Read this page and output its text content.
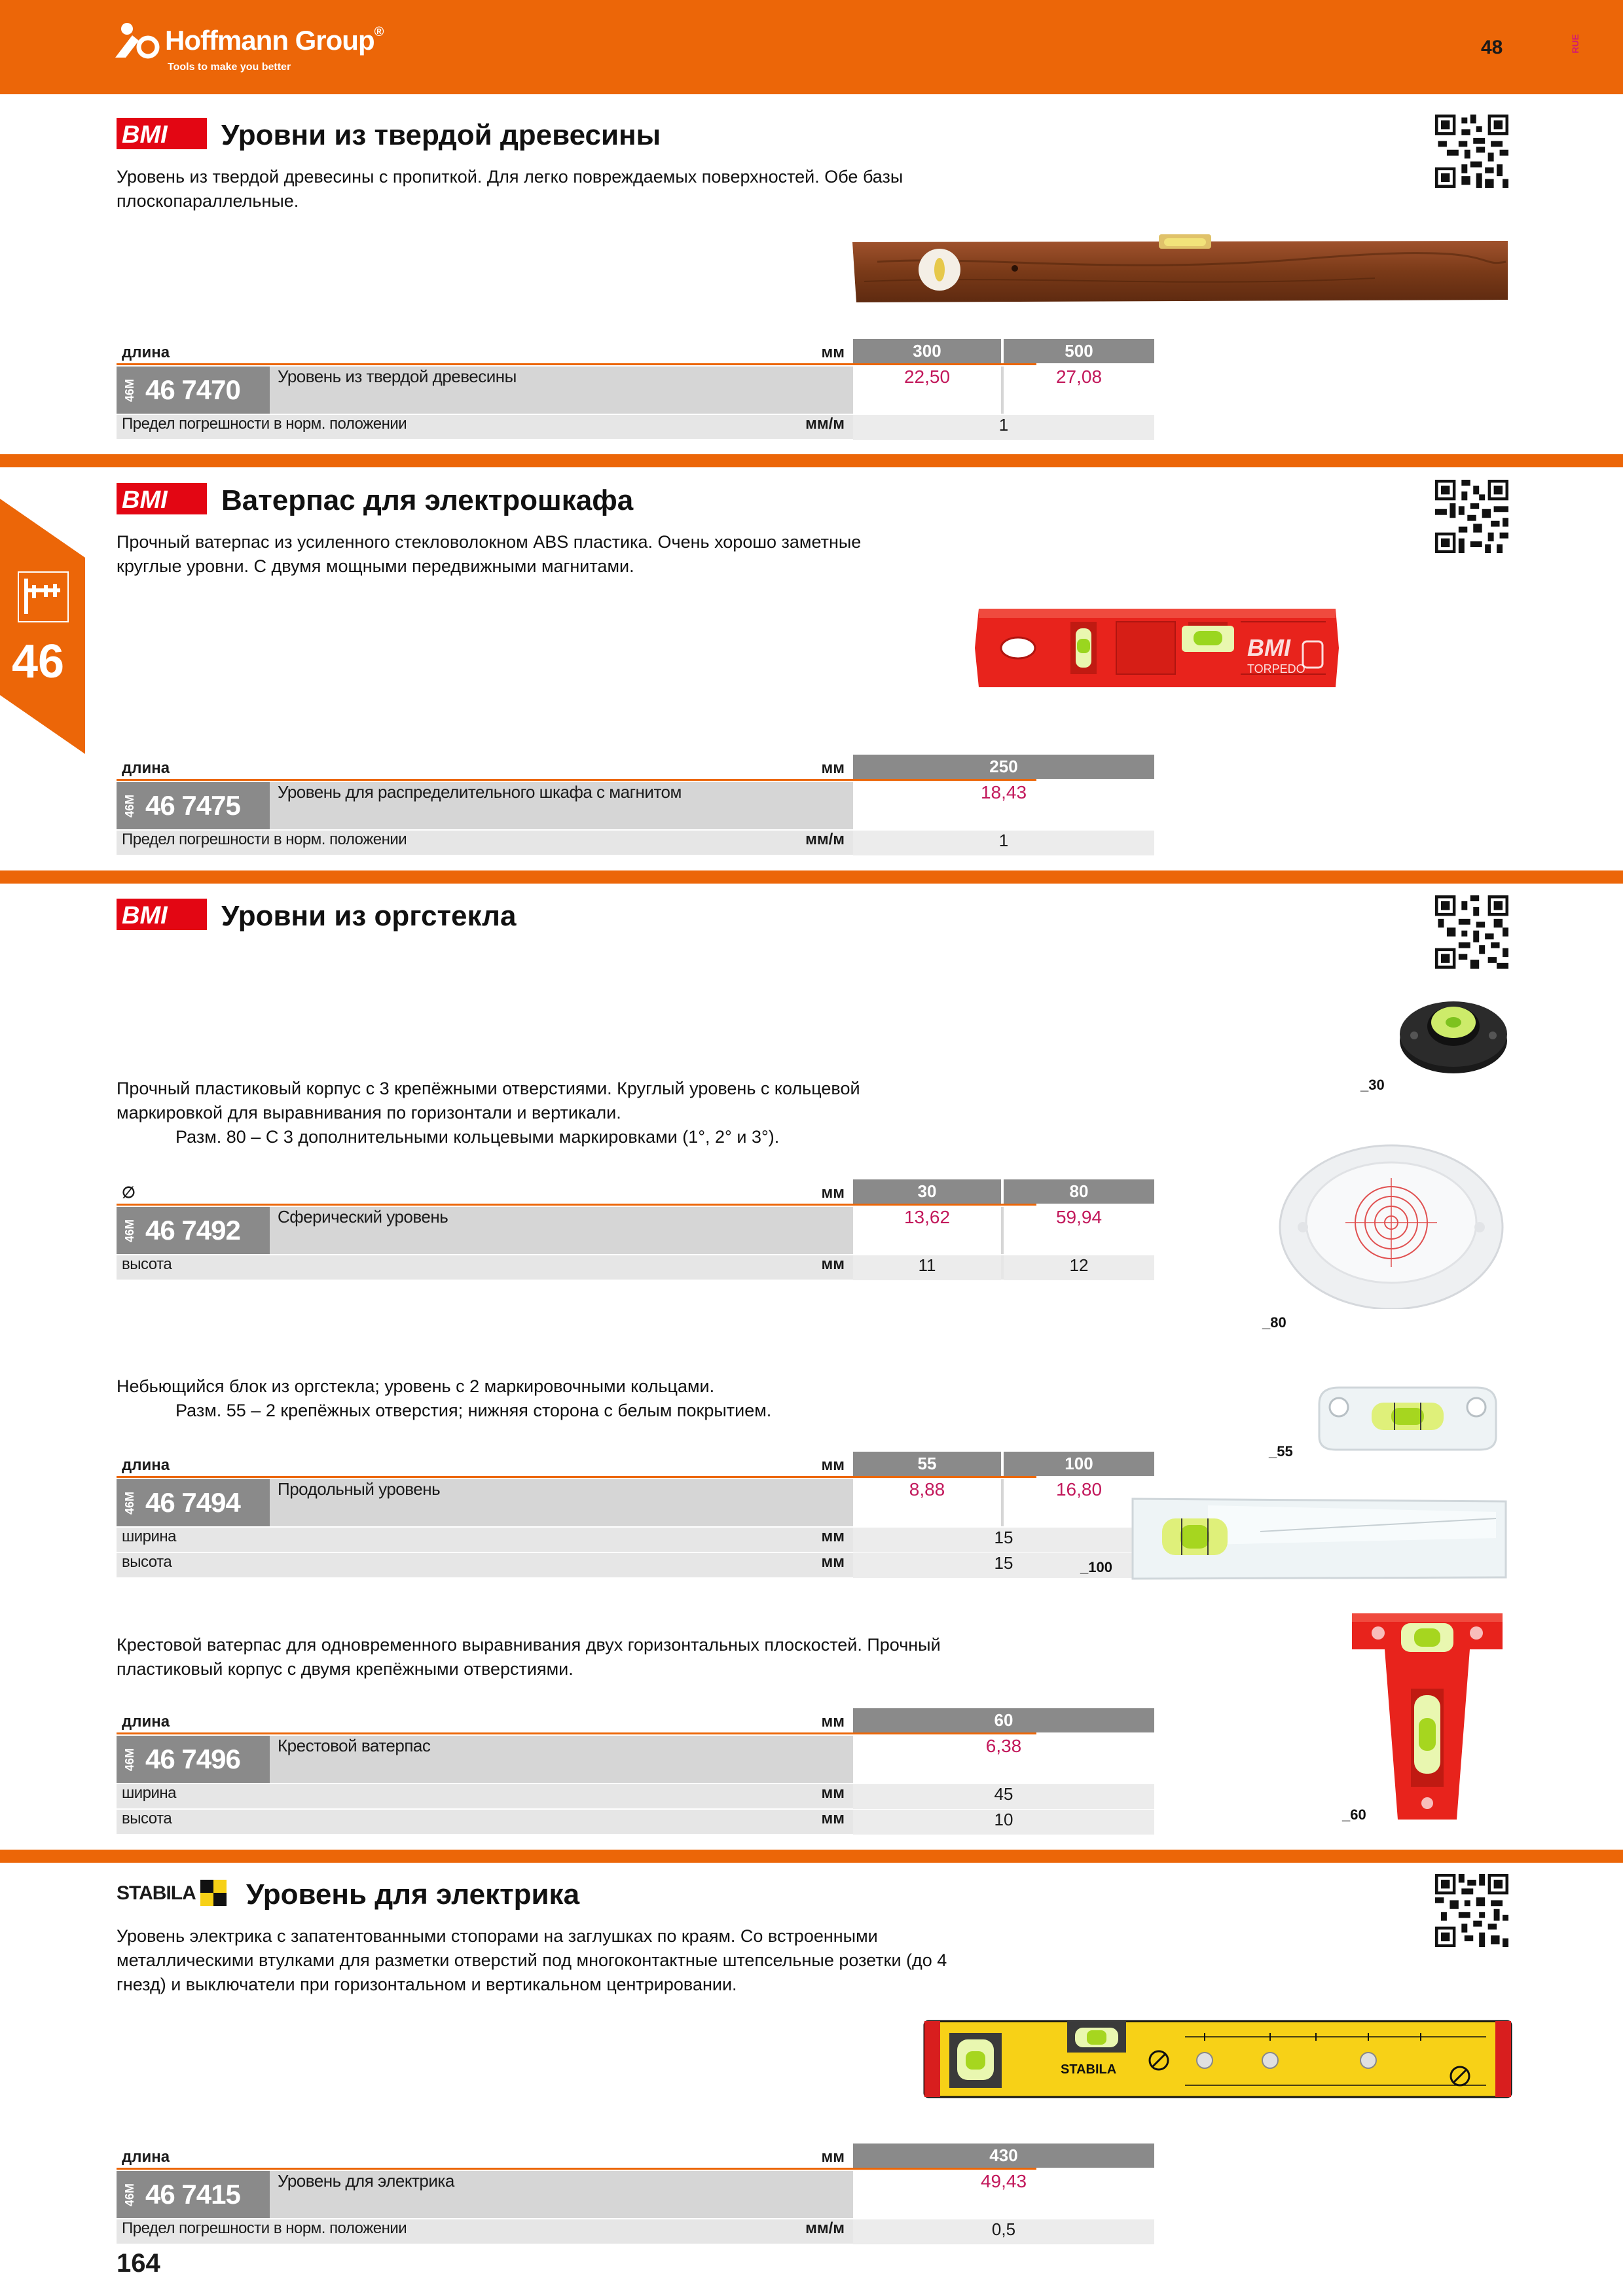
Hoffmann Group®
Tools to make you better
48	RUE
46
BMI Уровни из твердой древесины

Уровень из твердой древесины с пропиткой. Для легко повреждаемых поверхностей. Обе базы

плоскопараллельные.

длина	мм	300	500
46M 46 7470 Уровень из твердой древесины	22,50	27,08
Предел погрешности в норм. положении	мм/м	1
BMI Ватерпас для электрошкафа

Прочный ватерпас из усиленного стекловолокном ABS пластика. Очень хорошо заметные

круглые уровни. С двумя мощными передвижными магнитами.

BMI
TORPEDO
длина	мм	250
46M 46 7475 Уровень для распределительного шкафа с магнитом	18,43
Предел погрешности в норм. положении	мм/м	1
BMI Уровни из оргстекла

Прочный пластиковый корпус с 3 крепёжными отверстиями. Круглый уровень с кольцевой

маркировкой для выравнивания по горизонтали и вертикали.

Разм. 80 – С 3 дополнительными кольцевыми маркировками (1°, 2° и 3°).

∅	мм	30	80
46M 46 7492 Сферический уровень	13,62	59,94
высота	мм	11	12

Небьющийся блок из оргстекла; уровень с 2 маркировочными кольцами.

Разм. 55 – 2 крепёжных отверстия; нижняя сторона с белым покрытием.

длина	мм	55	100
46M 46 7494 Продольный уровень	8,88	16,80
ширина	мм	15
высота	мм	15

Крестовой ватерпас для одновременного выравнивания двух горизонтальных плоскостей. Прочный

пластиковый корпус с двумя крепёжными отверстиями.

длина	мм	60
46M 46 7496 Крестовой ватерпас	6,38
ширина	мм	45
высота	мм	10
_30
_80
_55
_100
_60
STABILA Уровень для электрика

Уровень электрика с запатентованными стопорами на заглушках по краям. Со встроенными

металлическими втулками для разметки отверстий под многоконтактные штепсельные розетки (до 4

гнезд) и выключатели при горизонтальном и вертикальном центрировании.

STABILA
длина	мм	430
46M 46 7415 Уровень для электрика	49,43
Предел погрешности в норм. положении	мм/м	0,5
164
